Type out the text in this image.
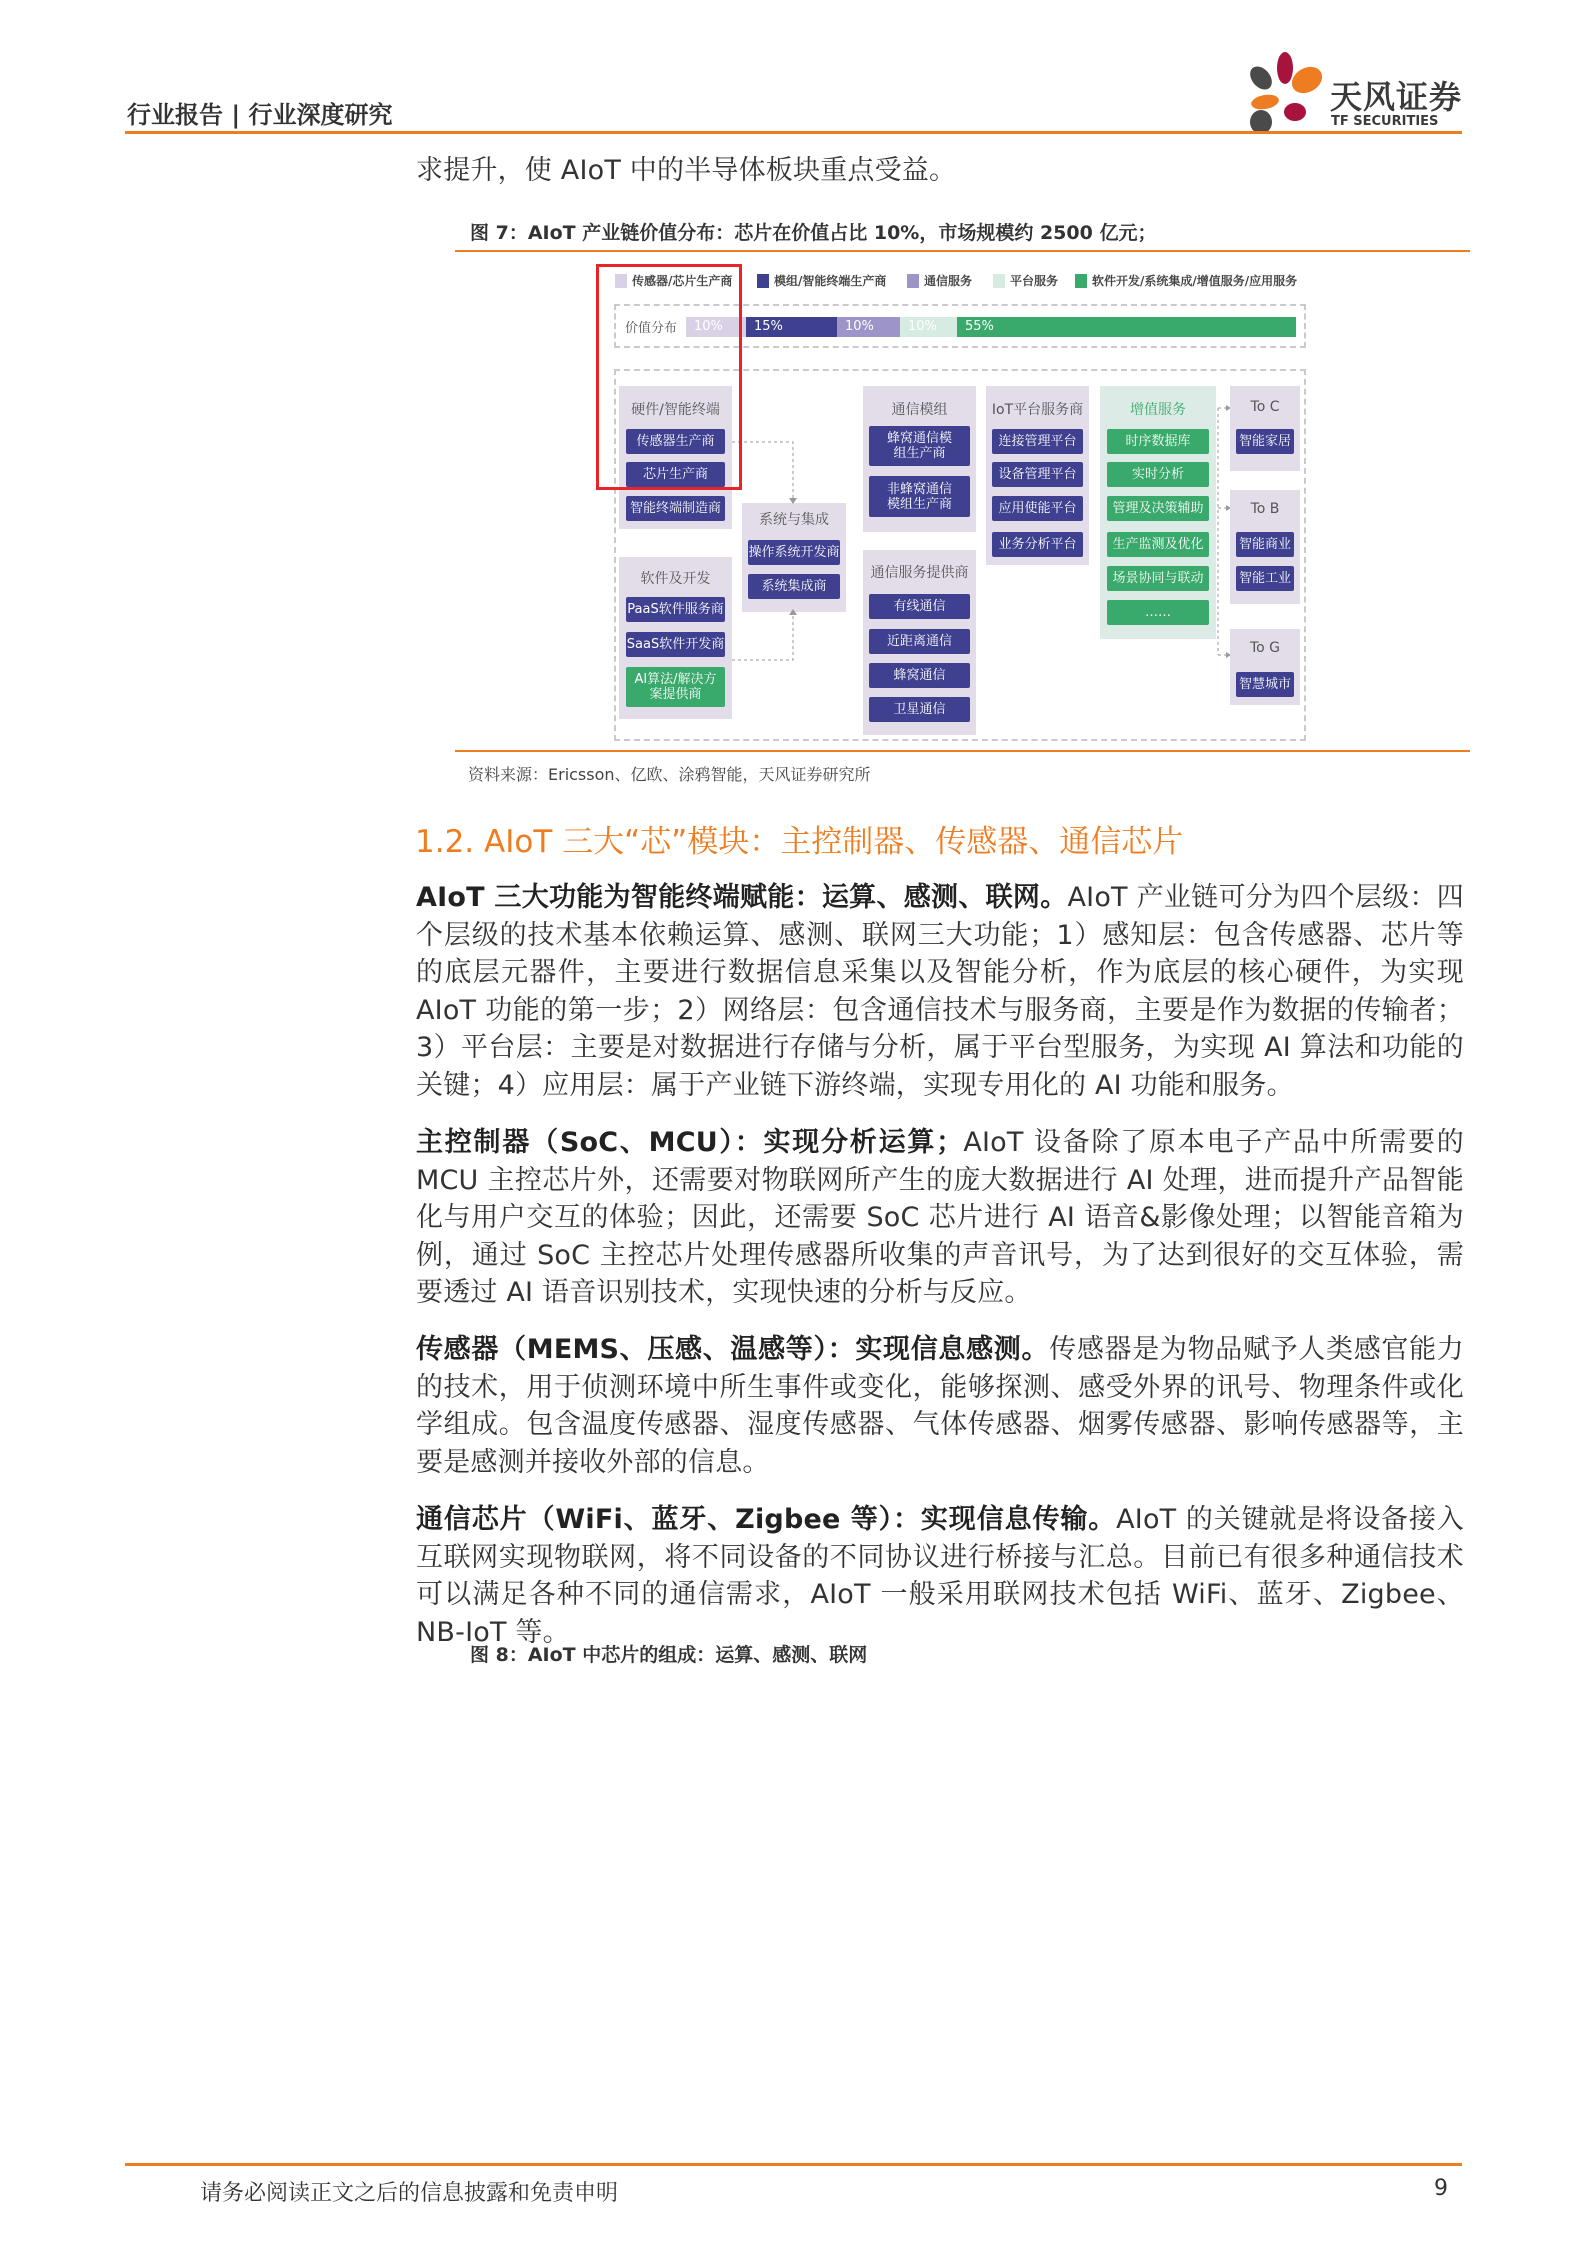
行业报告 | 行业深度研究	天风证券
TF SECURITIES
求提升，使 AIoT 中的半导体板块重点受益。
图 7：AIoT 产业链价值分布：芯片在价值占比 10%，市场规模约 2500 亿元；
传感器/芯片生产商	模组/智能终端生产商	通信服务	平台服务	软件开发/系统集成/增值服务/应用服务
价值分布	10%	15%	10%	10%	55%
硬件/智能终端
传感器生产商
芯片生产商
智能终端制造商
软件及开发
PaaS软件服务商
SaaS软件开发商
AI算法/解决方案提供商
系统与集成
操作系统开发商
系统集成商
通信模组
蜂窝通信模组生产商
非蜂窝通信模组生产商
通信服务提供商
有线通信
近距离通信
蜂窝通信
卫星通信
IoT平台服务商
连接管理平台
设备管理平台
应用使能平台
业务分析平台
增值服务
时序数据库
实时分析
管理及决策辅助
生产监测及优化
场景协同与联动
……
To C
智能家居
To B
智能商业
智能工业
To G
智慧城市
资料来源：Ericsson、亿欧、涂鸦智能，天风证券研究所
1.2. AIoT 三大“芯”模块：主控制器、传感器、通信芯片
AIoT 三大功能为智能终端赋能：运算、感测、联网。AIoT 产业链可分为四个层级：四个层级的技术基本依赖运算、感测、联网三大功能；1）感知层：包含传感器、芯片等的底层元器件，主要进行数据信息采集以及智能分析，作为底层的核心硬件，为实现 AIoT 功能的第一步；2）网络层：包含通信技术与服务商，主要是作为数据的传输者；3）平台层：主要是对数据进行存储与分析，属于平台型服务，为实现 AI 算法和功能的关键；4）应用层：属于产业链下游终端，实现专用化的 AI 功能和服务。
主控制器（SoC、MCU）：实现分析运算；AIoT 设备除了原本电子产品中所需要的 MCU 主控芯片外，还需要对物联网所产生的庞大数据进行 AI 处理，进而提升产品智能化与用户交互的体验；因此，还需要 SoC 芯片进行 AI 语音&影像处理；以智能音箱为例，通过 SoC 主控芯片处理传感器所收集的声音讯号，为了达到很好的交互体验，需要透过 AI 语音识别技术，实现快速的分析与反应。
传感器（MEMS、压感、温感等）：实现信息感测。传感器是为物品赋予人类感官能力的技术，用于侦测环境中所生事件或变化，能够探测、感受外界的讯号、物理条件或化学组成。包含温度传感器、湿度传感器、气体传感器、烟雾传感器、影响传感器等，主要是感测并接收外部的信息。
通信芯片（WiFi、蓝牙、Zigbee 等）：实现信息传输。AIoT 的关键就是将设备接入互联网实现物联网，将不同设备的不同协议进行桥接与汇总。目前已有很多种通信技术可以满足各种不同的通信需求，AIoT 一般采用联网技术包括 WiFi、蓝牙、Zigbee、NB-IoT 等。
图 8：AIoT 中芯片的组成：运算、感测、联网
请务必阅读正文之后的信息披露和免责申明	9
